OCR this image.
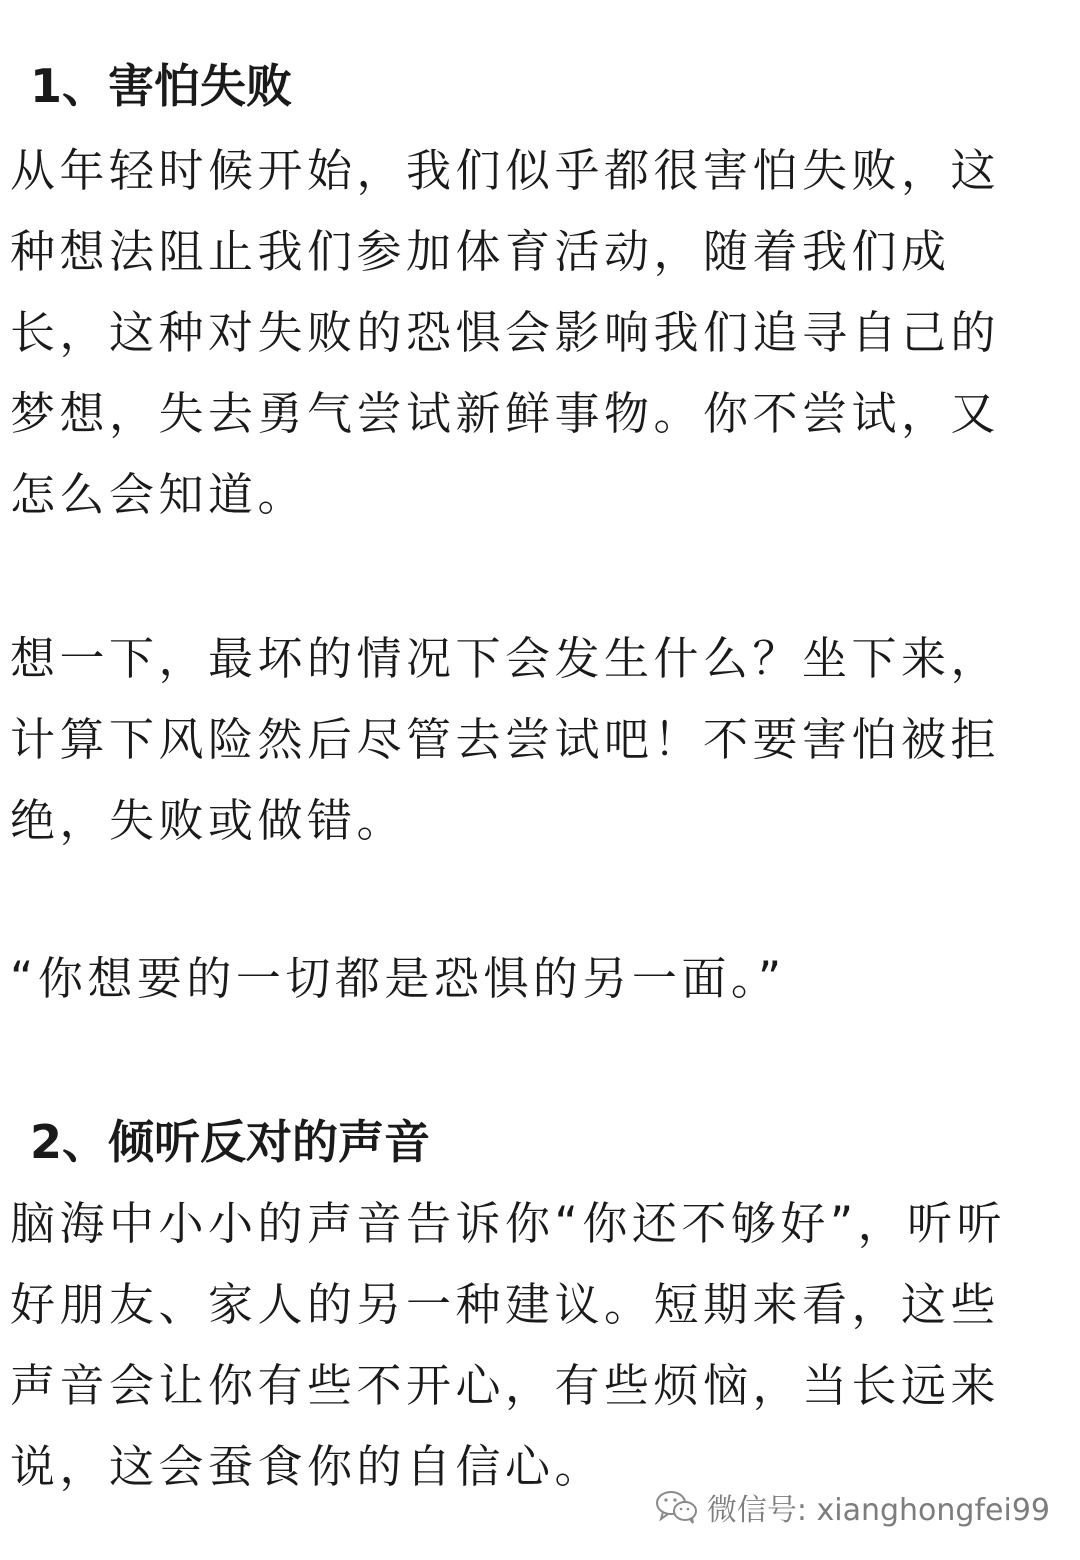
1、害怕失败
从年轻时候开始，我们似乎都很害怕失败，这
种想法阻止我们参加体育活动，随着我们成
长，这种对失败的恐惧会影响我们追寻自己的
梦想，失去勇气尝试新鲜事物。你不尝试，又
怎么会知道。
想一下，最坏的情况下会发生什么？坐下来，
计算下风险然后尽管去尝试吧！不要害怕被拒
绝，失败或做错。
“你想要的一切都是恐惧的另一面。”
2、倾听反对的声音
脑海中小小的声音告诉你“你还不够好”，听听
好朋友、家人的另一种建议。短期来看，这些
声音会让你有些不开心，有些烦恼，当长远来
说，这会蚕食你的自信心。
微信号: xianghongfei99
